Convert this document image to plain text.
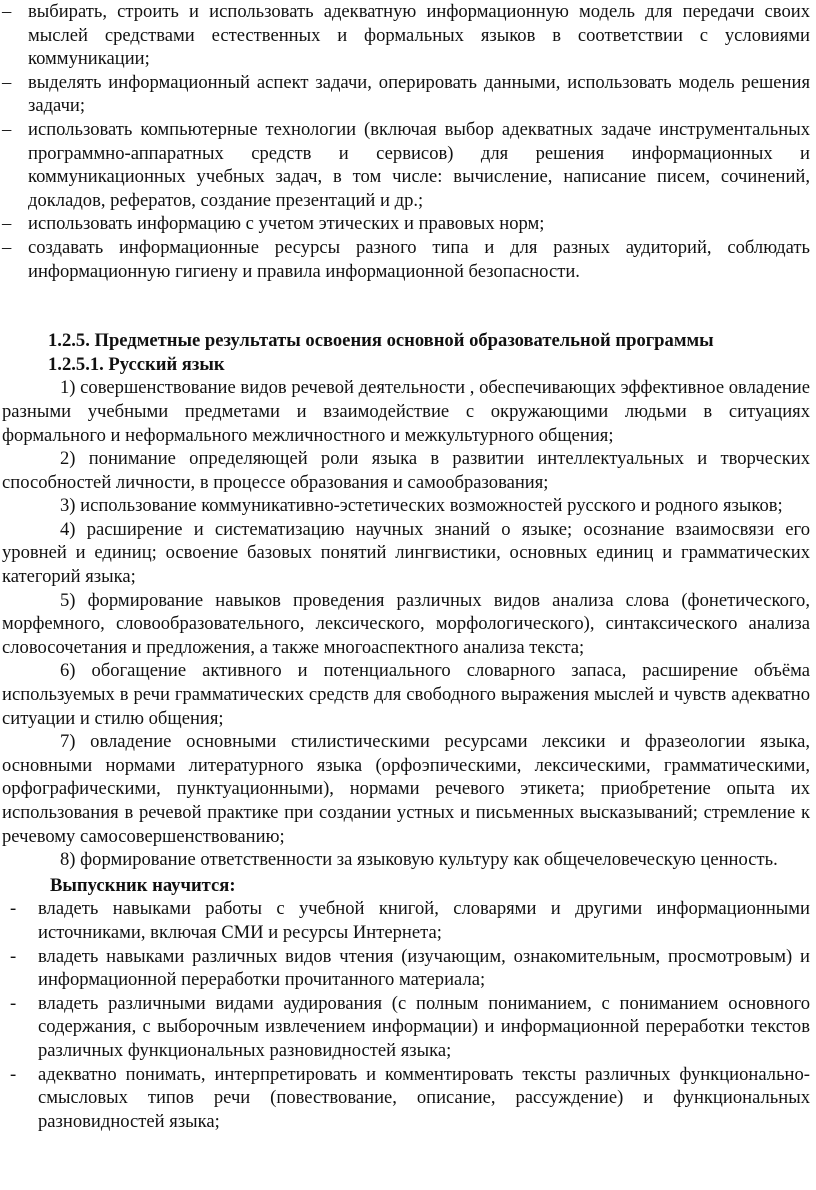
– выбирать, строить и использовать адекватную информационную модель для передачи своих мыслей средствами естественных и формальных языков в соответствии с условиями коммуникации;
– выделять информационный аспект задачи, оперировать данными, использовать модель решения задачи;
– использовать компьютерные технологии (включая выбор адекватных задаче инструментальных программно-аппаратных средств и сервисов) для решения информационных и коммуникационных учебных задач, в том числе: вычисление, написание писем, сочинений, докладов, рефератов, создание презентаций и др.;
– использовать информацию с учетом этических и правовых норм;
– создавать информационные ресурсы разного типа и для разных аудиторий, соблюдать информационную гигиену и правила информационной безопасности.
1.2.5. Предметные результаты освоения основной образовательной программы
1.2.5.1. Русский язык

1) совершенствование видов речевой деятельности , обеспечивающих эффективное овладение разными учебными предметами и взаимодействие с окружающими людьми в ситуациях формального и неформального межличностного и межкультурного общения;

2) понимание определяющей роли языка в развитии интеллектуальных и творческих способностей личности, в процессе образования и самообразования;

3) использование коммуникативно-эстетических возможностей русского и родного языков;

4) расширение и систематизацию научных знаний о языке; осознание взаимосвязи его уровней и единиц; освоение базовых понятий лингвистики, основных единиц и грамматических категорий языка;

5) формирование навыков проведения различных видов анализа слова (фонетического, морфемного, словообразовательного, лексического, морфологического), синтаксического анализа словосочетания и предложения, а также многоаспектного анализа текста;

6) обогащение активного и потенциального словарного запаса, расширение объёма используемых в речи грамматических средств для свободного выражения мыслей и чувств адекватно ситуации и стилю общения;

7) овладение основными стилистическими ресурсами лексики и фразеологии языка, основными нормами литературного языка (орфоэпическими, лексическими, грамматическими, орфографическими, пунктуационными), нормами речевого этикета; приобретение опыта их использования в речевой практике при создании устных и письменных высказываний; стремление к речевому самосовершенствованию;

8) формирование ответственности за языковую культуру как общечеловеческую ценность.

Выпускник научится:
-	владеть навыками работы с учебной книгой, словарями и другими информационными источниками, включая СМИ и ресурсы Интернета;
-	владеть навыками различных видов чтения (изучающим, ознакомительным, просмотровым) и информационной переработки прочитанного материала;
-	владеть различными видами аудирования (с полным пониманием, с пониманием основного содержания, с выборочным извлечением информации) и информационной переработки текстов различных функциональных разновидностей языка;
-	адекватно понимать, интерпретировать и комментировать тексты различных функционально-смысловых типов речи (повествование, описание, рассуждение) и функциональных разновидностей языка;
